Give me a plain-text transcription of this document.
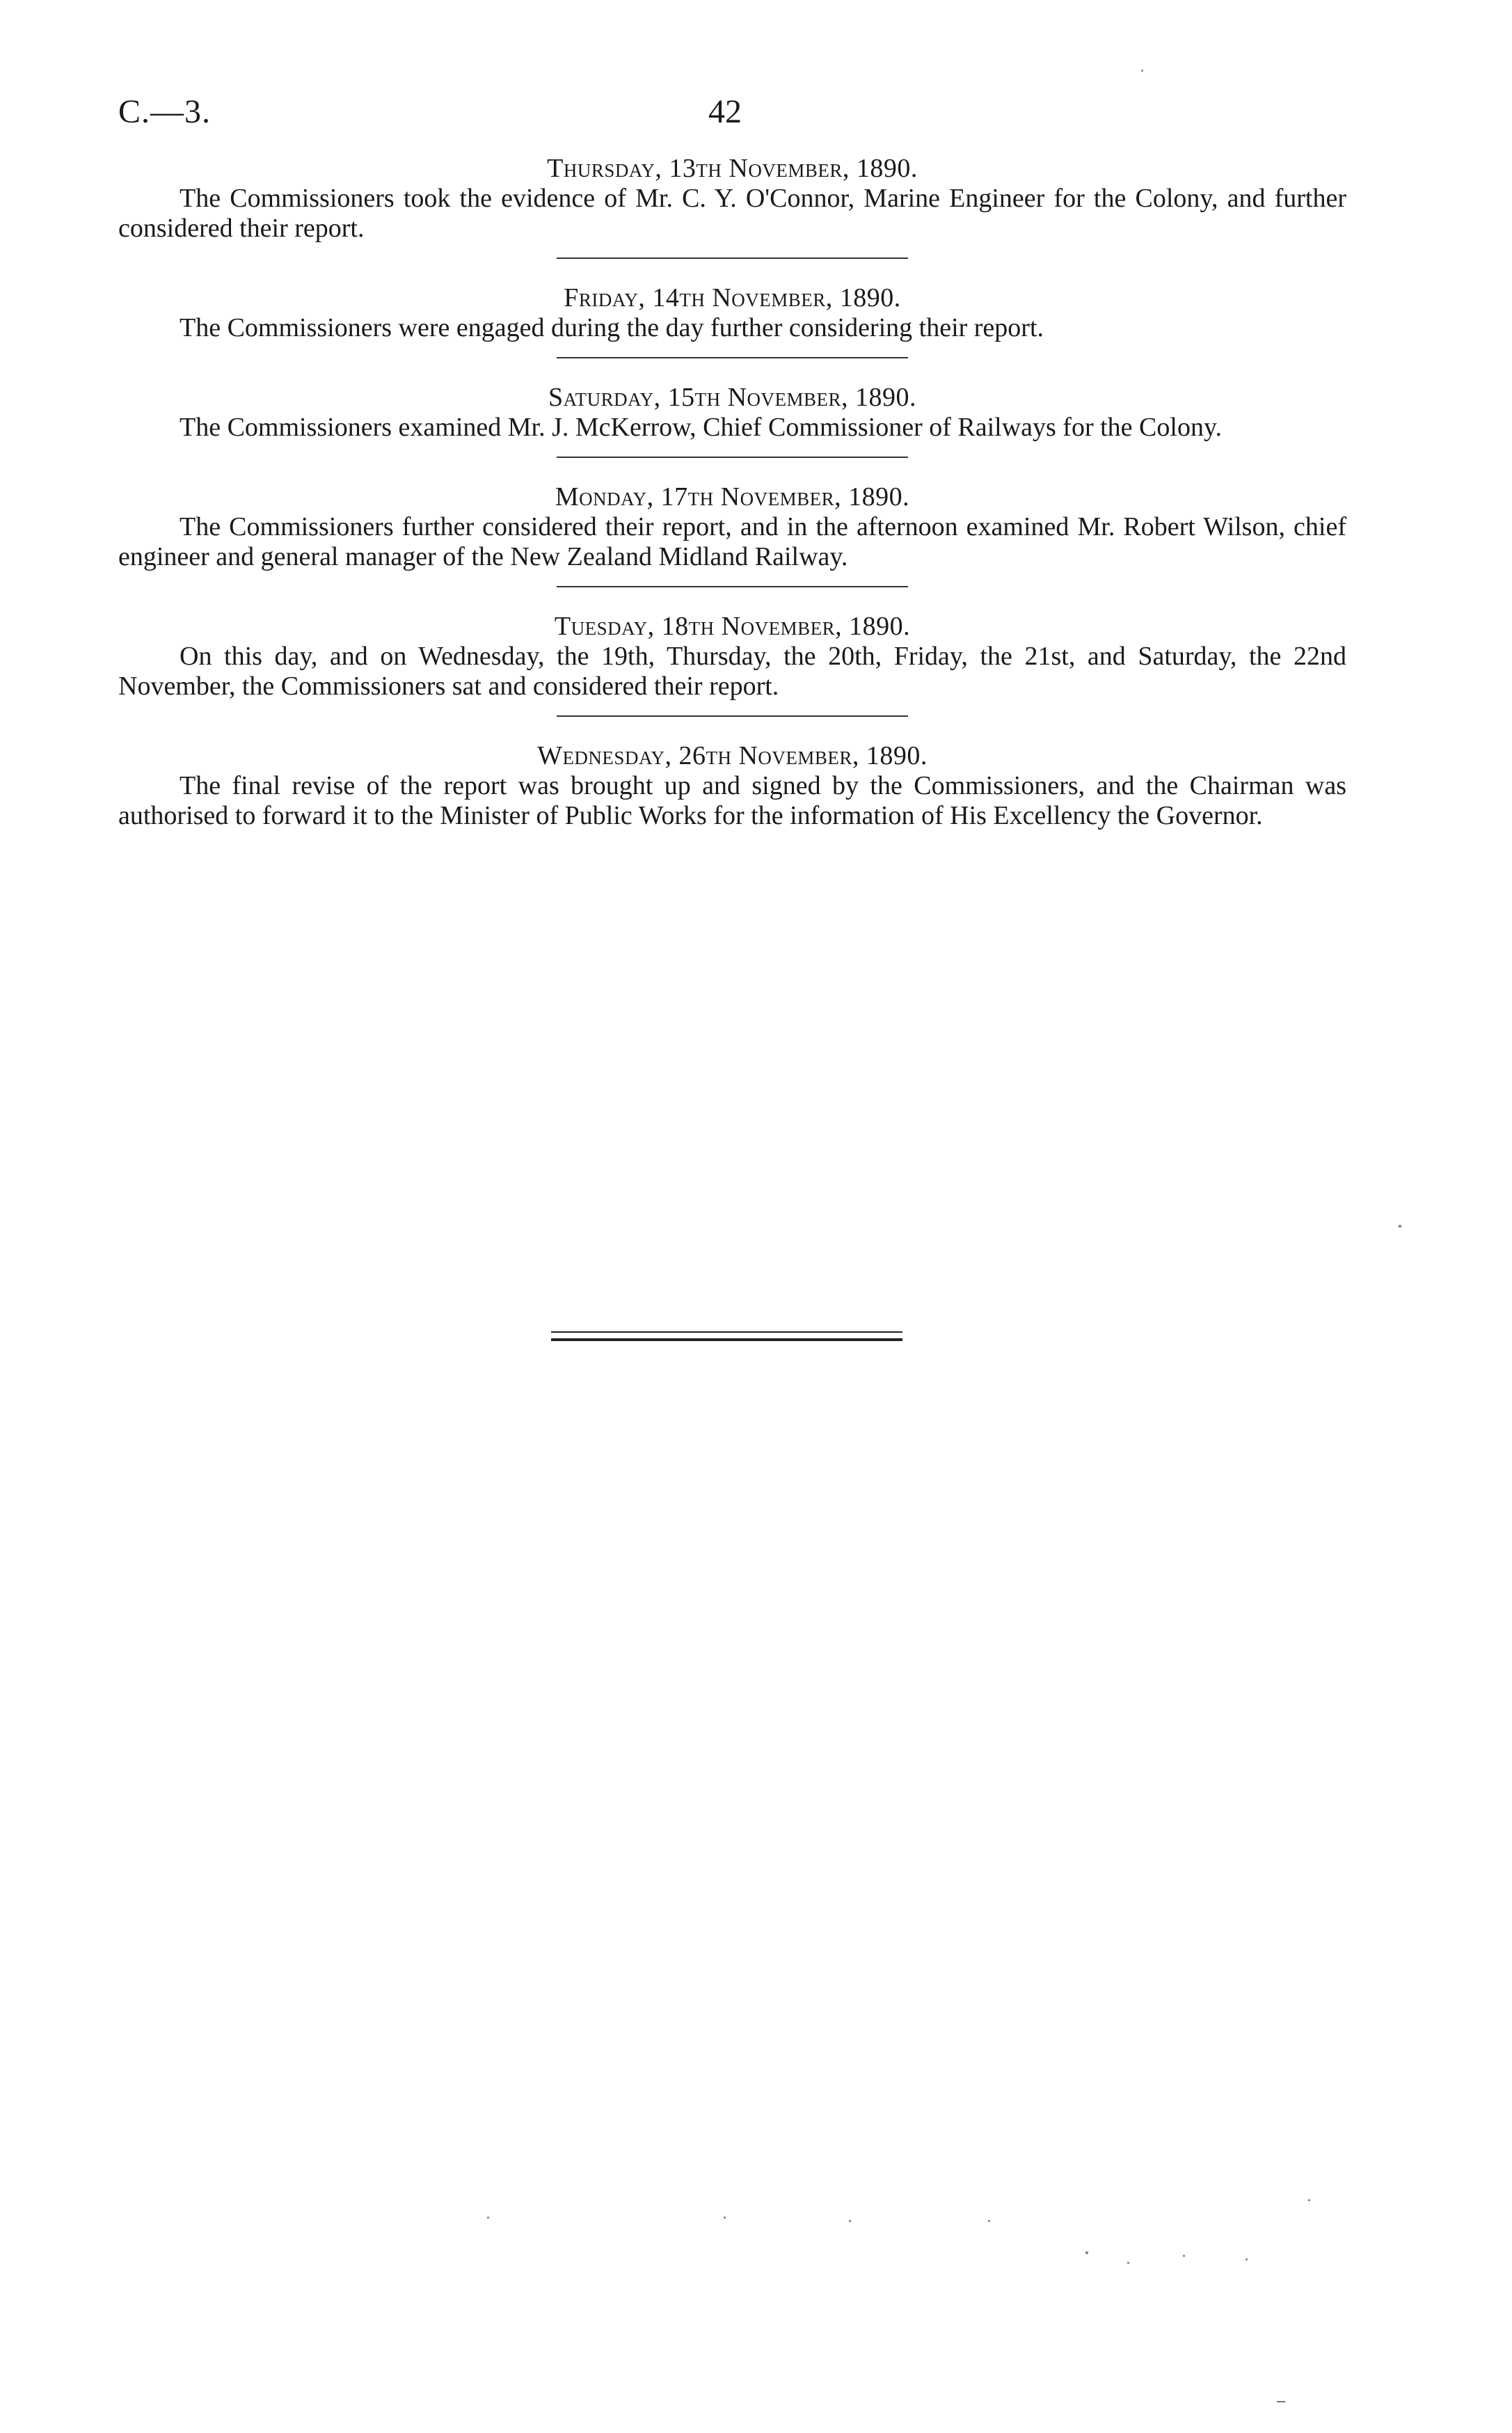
C.—3.	42

Thursday, 13th November, 1890.

The Commissioners took the evidence of Mr. C. Y. O'Connor, Marine Engineer for the Colony, and further considered their report.

Friday, 14th November, 1890.

The Commissioners were engaged during the day further considering their report.

Saturday, 15th November, 1890.

The Commissioners examined Mr. J. McKerrow, Chief Commissioner of Railways for the Colony.

Monday, 17th November, 1890.

The Commissioners further considered their report, and in the afternoon examined Mr. Robert Wilson, chief engineer and general manager of the New Zealand Midland Railway.

Tuesday, 18th November, 1890.

On this day, and on Wednesday, the 19th, Thursday, the 20th, Friday, the 21st, and Saturday, the 22nd November, the Commissioners sat and considered their report.

Wednesday, 26th November, 1890.

The final revise of the report was brought up and signed by the Commissioners, and the Chairman was authorised to forward it to the Minister of Public Works for the information of His Excellency the Governor.
